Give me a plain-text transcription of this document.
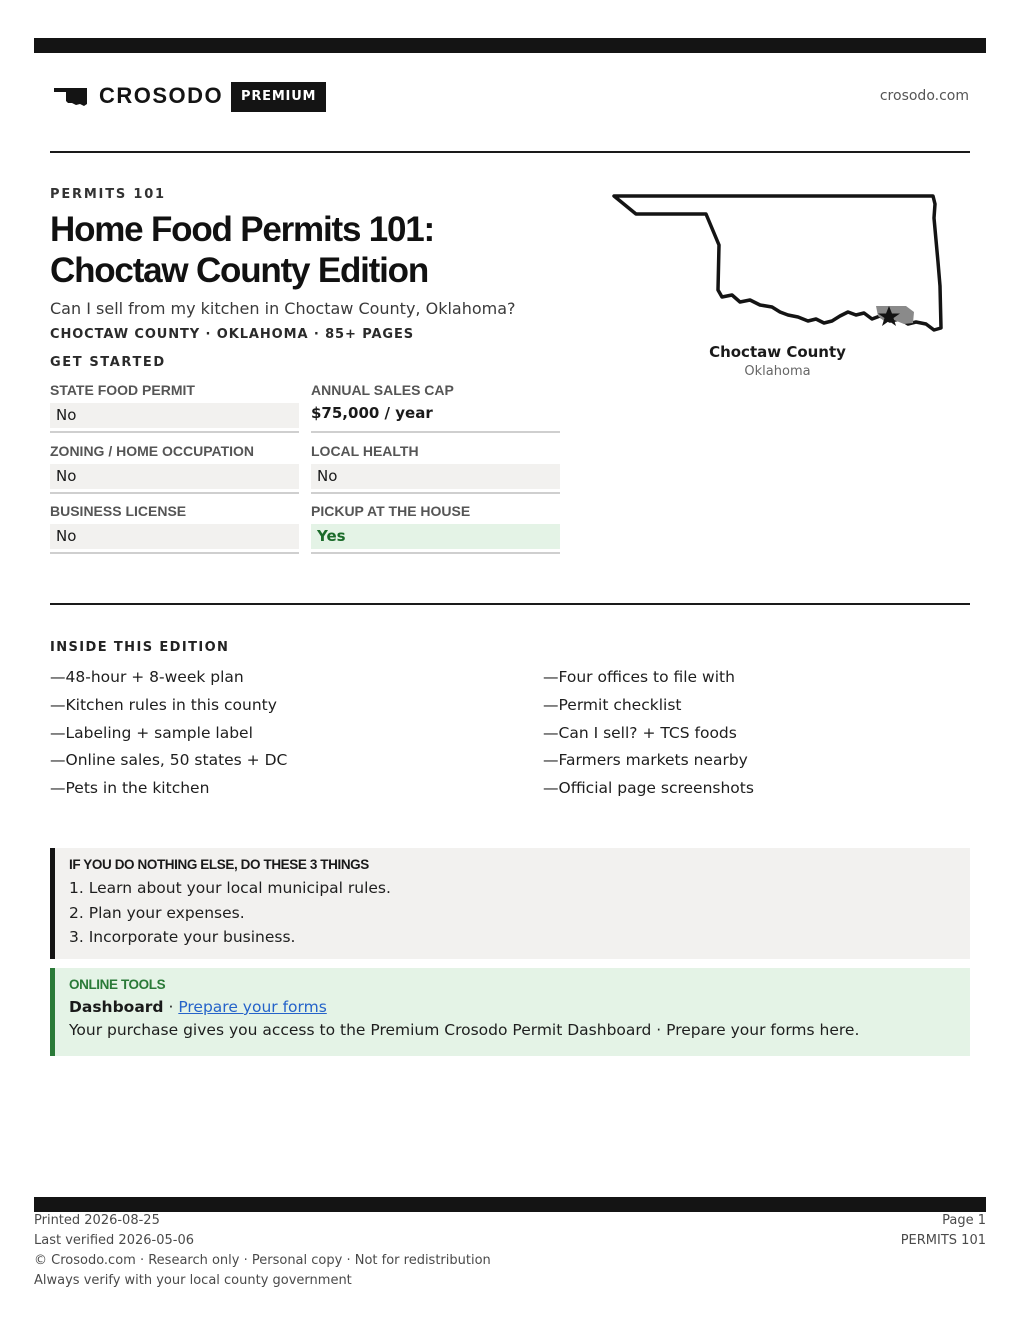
CROSODO	PREMIUM	crosodo.com
PERMITS 101
Home Food Permits 101:
Choctaw County Edition
Can I sell from my kitchen in Choctaw County, Oklahoma?
CHOCTAW COUNTY · OKLAHOMA · 85+ PAGES
GET STARTED
STATE FOOD PERMIT
No
ANNUAL SALES CAP
$75,000 / year
ZONING / HOME OCCUPATION
No
LOCAL HEALTH
No
BUSINESS LICENSE
No
PICKUP AT THE HOUSE
Yes
Choctaw County
Oklahoma
INSIDE THIS EDITION
—48-hour + 8-week plan
—Kitchen rules in this county
—Labeling + sample label
—Online sales, 50 states + DC
—Pets in the kitchen
—Four offices to file with
—Permit checklist
—Can I sell? + TCS foods
—Farmers markets nearby
—Official page screenshots
IF YOU DO NOTHING ELSE, DO THESE 3 THINGS
1. Learn about your local municipal rules.
2. Plan your expenses.
3. Incorporate your business.
ONLINE TOOLS
Dashboard · Prepare your forms
Your purchase gives you access to the Premium Crosodo Permit Dashboard · Prepare your forms here.
Printed 2026-08-25
Last verified 2026-05-06
© Crosodo.com · Research only · Personal copy · Not for redistribution
Always verify with your local county government
Page 1
PERMITS 101
